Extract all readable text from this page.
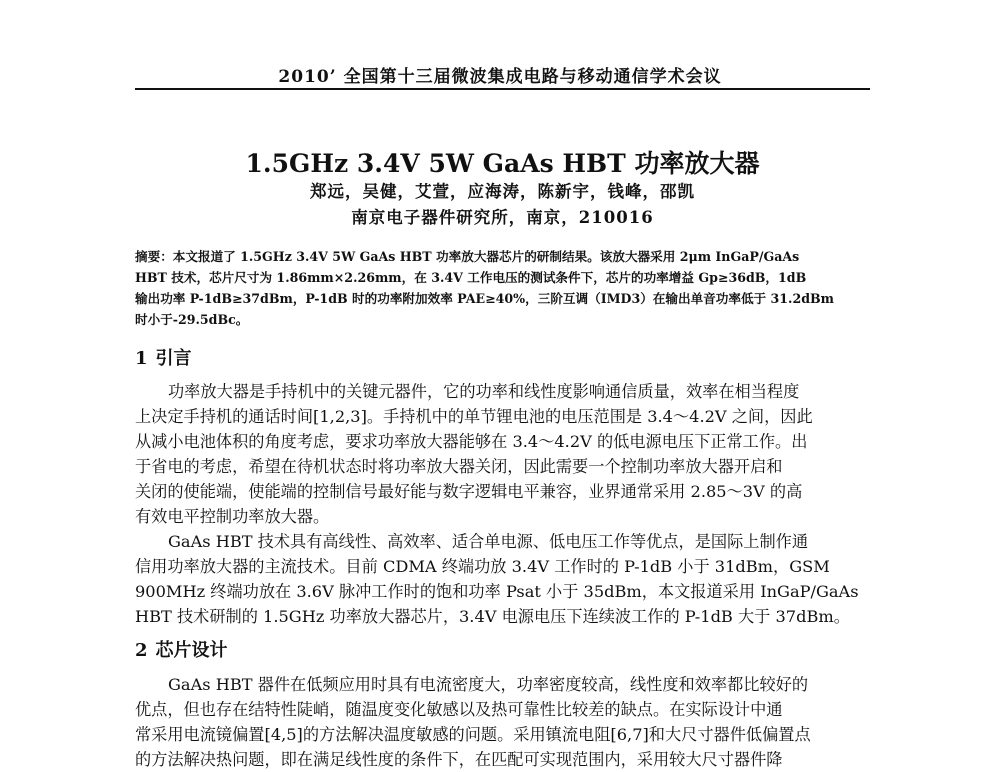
2010’ 全国第十三届微波集成电路与移动通信学术会议
1.5GHz 3.4V 5W GaAs HBT 功率放大器
郑远，吴健，艾萱，应海涛，陈新宇，钱峰，邵凯
南京电子器件研究所，南京，210016
摘要：本文报道了 1.5GHz 3.4V 5W GaAs HBT 功率放大器芯片的研制结果。该放大器采用 2μm InGaP/GaAs
HBT 技术，芯片尺寸为 1.86mm×2.26mm，在 3.4V 工作电压的测试条件下，芯片的功率增益 Gp≥36dB，1dB
输出功率 P-1dB≥37dBm，P-1dB 时的功率附加效率 PAE≥40%，三阶互调（IMD3）在输出单音功率低于 31.2dBm
时小于-29.5dBc。
1 引言
功率放大器是手持机中的关键元器件，它的功率和线性度影响通信质量，效率在相当程度
上决定手持机的通话时间[1,2,3]。手持机中的单节锂电池的电压范围是 3.4～4.2V 之间，因此
从减小电池体积的角度考虑，要求功率放大器能够在 3.4～4.2V 的低电源电压下正常工作。出
于省电的考虑，希望在待机状态时将功率放大器关闭，因此需要一个控制功率放大器开启和
关闭的使能端，使能端的控制信号最好能与数字逻辑电平兼容，业界通常采用 2.85～3V 的高
有效电平控制功率放大器。
GaAs HBT 技术具有高线性、高效率、适合单电源、低电压工作等优点，是国际上制作通
信用功率放大器的主流技术。目前 CDMA 终端功放 3.4V 工作时的 P-1dB 小于 31dBm，GSM
900MHz 终端功放在 3.6V 脉冲工作时的饱和功率 Psat 小于 35dBm，本文报道采用 InGaP/GaAs
HBT 技术研制的 1.5GHz 功率放大器芯片，3.4V 电源电压下连续波工作的 P-1dB 大于 37dBm。
2 芯片设计
GaAs HBT 器件在低频应用时具有电流密度大，功率密度较高，线性度和效率都比较好的
优点，但也存在结特性陡峭，随温度变化敏感以及热可靠性比较差的缺点。在实际设计中通
常采用电流镜偏置[4,5]的方法解决温度敏感的问题。采用镇流电阻[6,7]和大尺寸器件低偏置点
的方法解决热问题，即在满足线性度的条件下，在匹配可实现范围内，采用较大尺寸器件降
